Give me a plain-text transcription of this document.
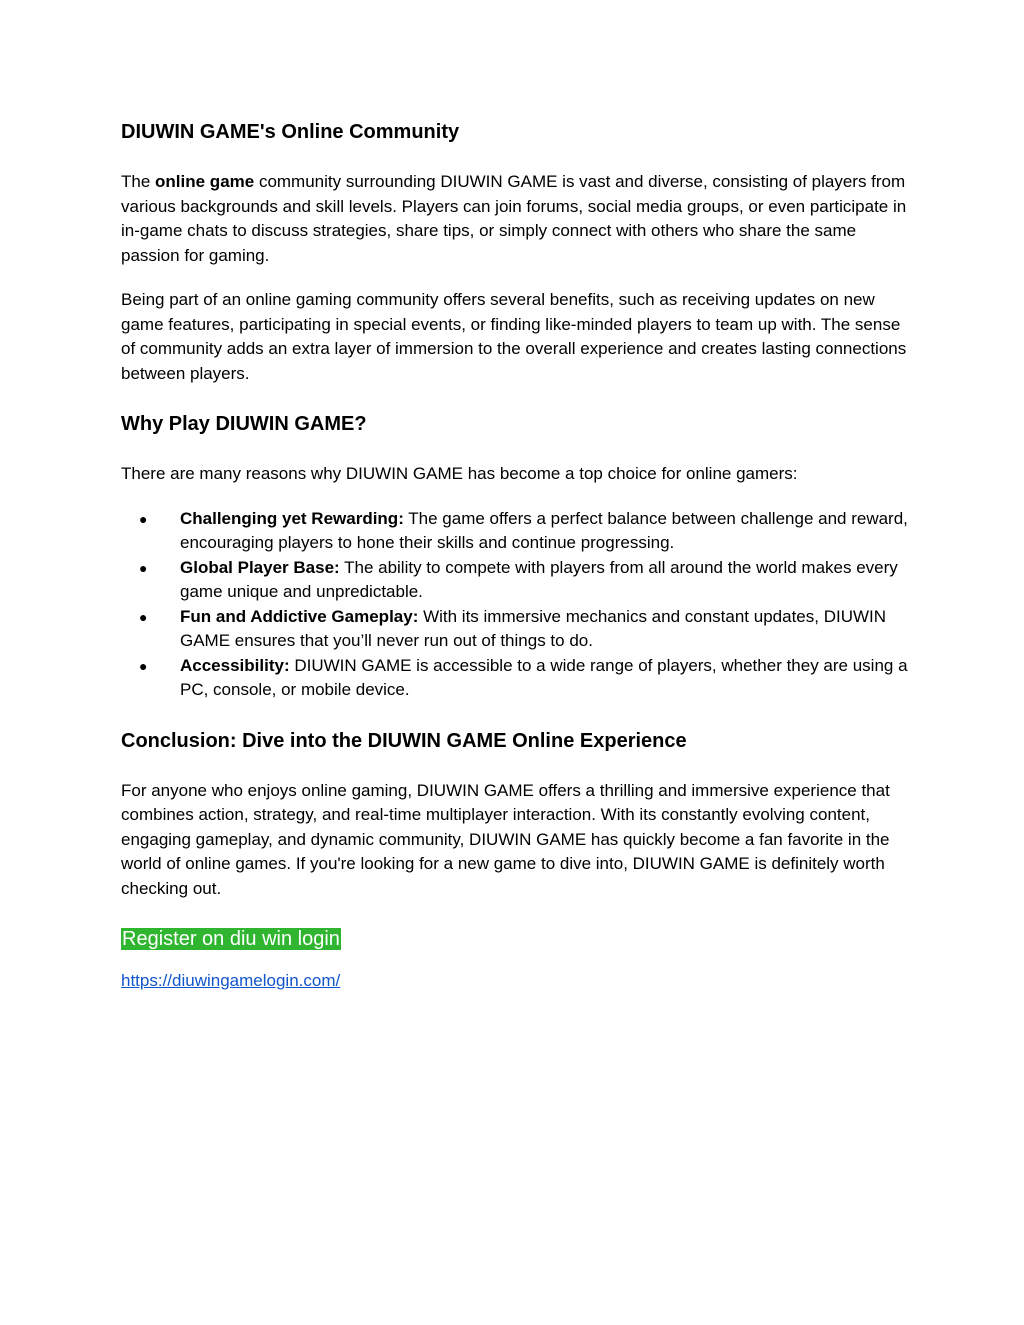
DIUWIN GAME's Online Community

The online game community surrounding DIUWIN GAME is vast and diverse, consisting of players from various backgrounds and skill levels. Players can join forums, social media groups, or even participate in in-game chats to discuss strategies, share tips, or simply connect with others who share the same passion for gaming.

Being part of an online gaming community offers several benefits, such as receiving updates on new game features, participating in special events, or finding like-minded players to team up with. The sense of community adds an extra layer of immersion to the overall experience and creates lasting connections between players.

Why Play DIUWIN GAME?

There are many reasons why DIUWIN GAME has become a top choice for online gamers:

● Challenging yet Rewarding: The game offers a perfect balance between challenge and reward, encouraging players to hone their skills and continue progressing.
● Global Player Base: The ability to compete with players from all around the world makes every game unique and unpredictable.
● Fun and Addictive Gameplay: With its immersive mechanics and constant updates, DIUWIN GAME ensures that you’ll never run out of things to do.
● Accessibility: DIUWIN GAME is accessible to a wide range of players, whether they are using a PC, console, or mobile device.
Conclusion: Dive into the DIUWIN GAME Online Experience

For anyone who enjoys online gaming, DIUWIN GAME offers a thrilling and immersive experience that combines action, strategy, and real-time multiplayer interaction. With its constantly evolving content, engaging gameplay, and dynamic community, DIUWIN GAME has quickly become a fan favorite in the world of online games. If you're looking for a new game to dive into, DIUWIN GAME is definitely worth checking out.

Register on diu win login
https://diuwingamelogin.com/
